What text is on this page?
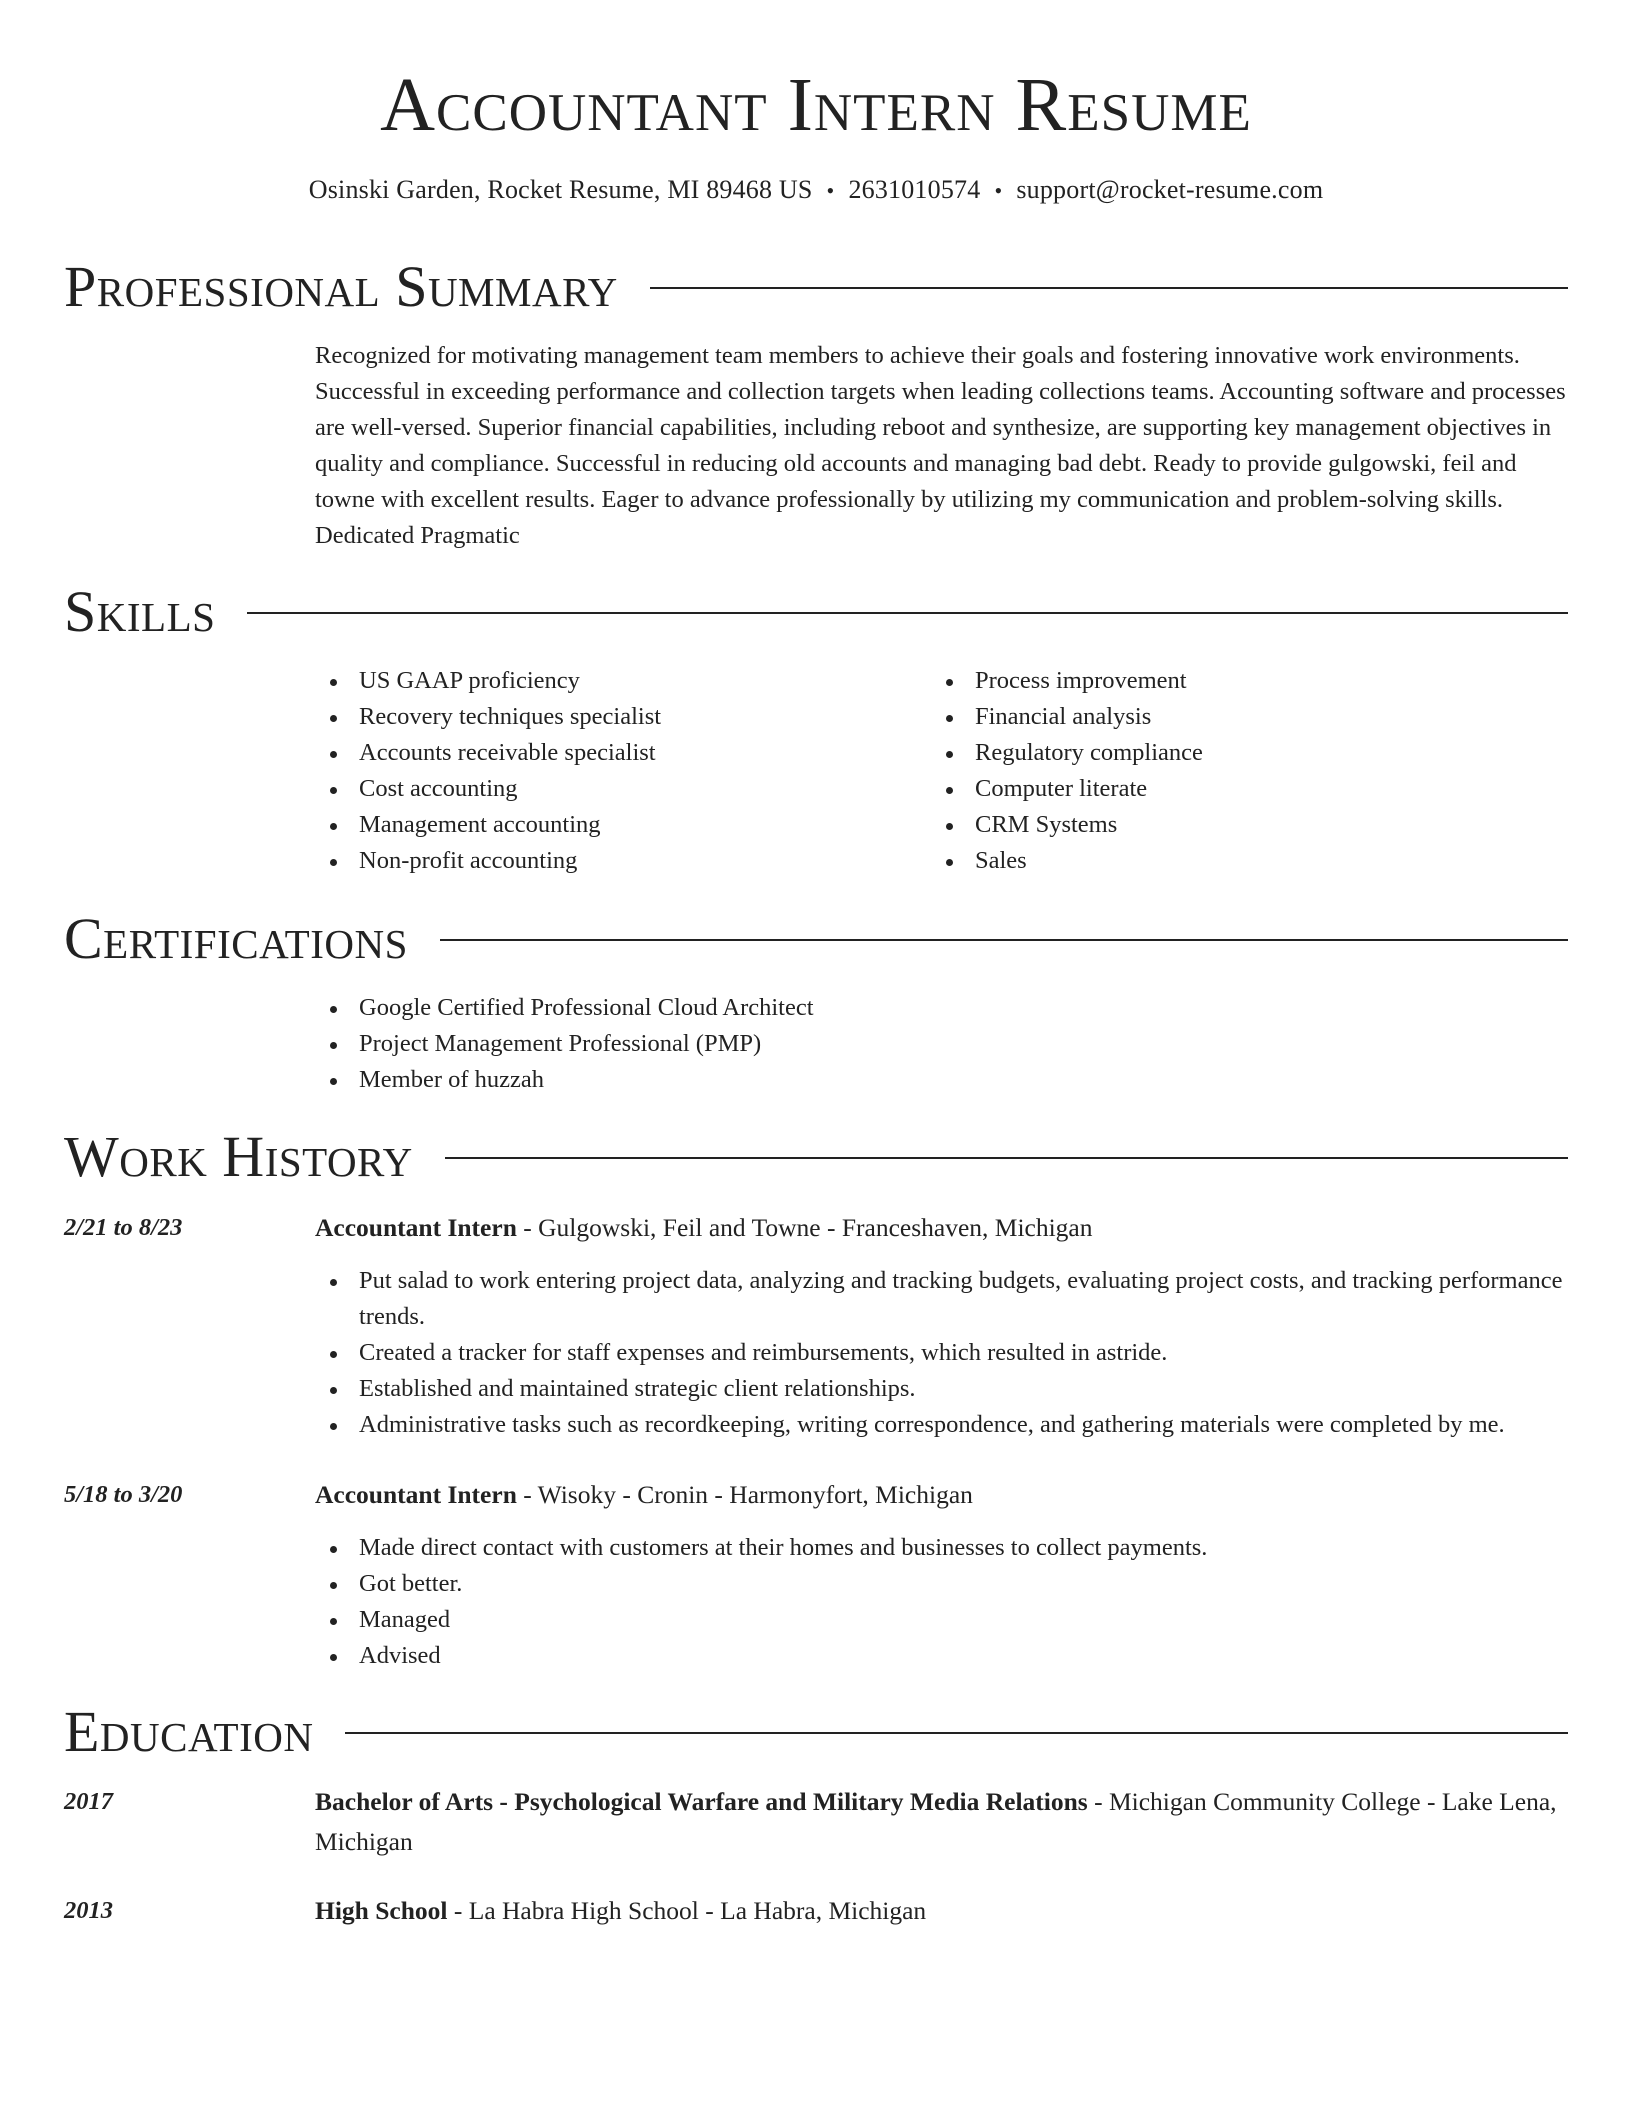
Accountant Intern Resume
Osinski Garden, Rocket Resume, MI 89468 US • 2631010574 • support@rocket-resume.com
Professional Summary

Recognized for motivating management team members to achieve their goals and fostering innovative work environments. Successful in exceeding performance and collection targets when leading collections teams. Accounting software and processes are well-versed. Superior financial capabilities, including reboot and synthesize, are supporting key management objectives in quality and compliance. Successful in reducing old accounts and managing bad debt. Ready to provide gulgowski, feil and towne with excellent results. Eager to advance professionally by utilizing my communication and problem-solving skills. Dedicated Pragmatic

Skills
US GAAP proficiency
Recovery techniques specialist
Accounts receivable specialist
Cost accounting
Management accounting
Non-profit accounting
Process improvement
Financial analysis
Regulatory compliance
Computer literate
CRM Systems
Sales
Certifications
Google Certified Professional Cloud Architect
Project Management Professional (PMP)
Member of huzzah
Work History
2/21 to 8/23	Accountant Intern - Gulgowski, Feil and Towne - Franceshaven, Michigan
Put salad to work entering project data, analyzing and tracking budgets, evaluating project costs, and tracking performance trends.
Created a tracker for staff expenses and reimbursements, which resulted in astride.
Established and maintained strategic client relationships.
Administrative tasks such as recordkeeping, writing correspondence, and gathering materials were completed by me.
5/18 to 3/20	Accountant Intern - Wisoky - Cronin - Harmonyfort, Michigan
Made direct contact with customers at their homes and businesses to collect payments.
Got better.
Managed
Advised
Education
2017	Bachelor of Arts - Psychological Warfare and Military Media Relations - Michigan Community College - Lake Lena, Michigan
2013	High School - La Habra High School - La Habra, Michigan
